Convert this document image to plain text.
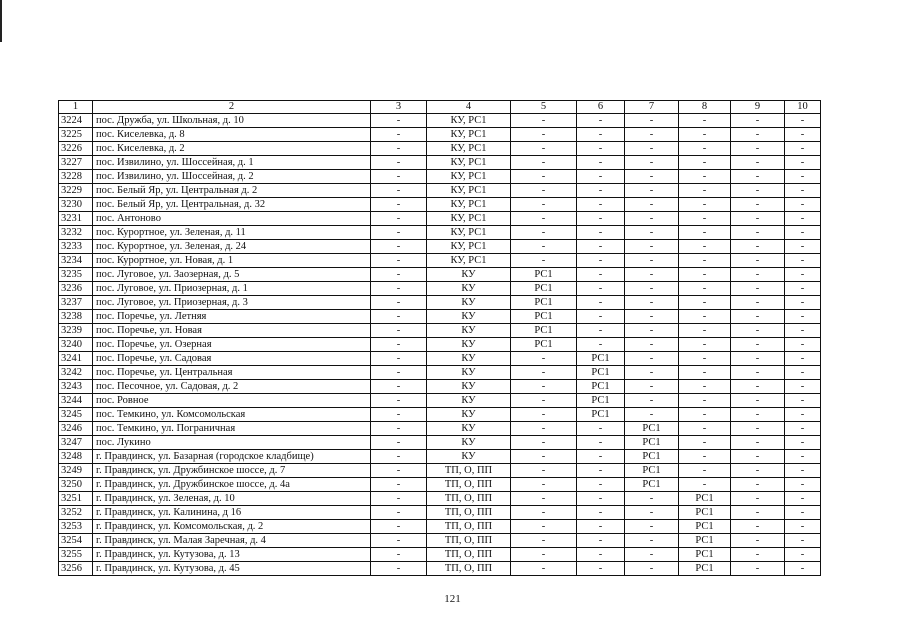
1	2	3	4	5	6	7	8	9	10
3224	пос. Дружба, ул. Школьная, д. 10	-	КУ, РС1	-	-	-	-	-	-
3225	пос. Киселевка, д. 8	-	КУ, РС1	-	-	-	-	-	-
3226	пос. Киселевка, д. 2	-	КУ, РС1	-	-	-	-	-	-
3227	пос. Извилино, ул. Шоссейная, д. 1	-	КУ, РС1	-	-	-	-	-	-
3228	пос. Извилино, ул. Шоссейная, д. 2	-	КУ, РС1	-	-	-	-	-	-
3229	пос. Белый Яр, ул. Центральная д. 2	-	КУ, РС1	-	-	-	-	-	-
3230	пос. Белый Яр, ул. Центральная, д. 32	-	КУ, РС1	-	-	-	-	-	-
3231	пос. Антоново	-	КУ, РС1	-	-	-	-	-	-
3232	пос. Курортное, ул. Зеленая, д. 11	-	КУ, РС1	-	-	-	-	-	-
3233	пос. Курортное, ул. Зеленая, д. 24	-	КУ, РС1	-	-	-	-	-	-
3234	пос. Курортное, ул. Новая, д. 1	-	КУ, РС1	-	-	-	-	-	-
3235	пос. Луговое, ул. Заозерная, д. 5	-	КУ	РС1	-	-	-	-	-
3236	пос. Луговое, ул. Приозерная, д. 1	-	КУ	РС1	-	-	-	-	-
3237	пос. Луговое, ул. Приозерная, д. 3	-	КУ	РС1	-	-	-	-	-
3238	пос. Поречье, ул. Летняя	-	КУ	РС1	-	-	-	-	-
3239	пос. Поречье, ул. Новая	-	КУ	РС1	-	-	-	-	-
3240	пос. Поречье, ул. Озерная	-	КУ	РС1	-	-	-	-	-
3241	пос. Поречье, ул. Садовая	-	КУ	-	РС1	-	-	-	-
3242	пос. Поречье, ул. Центральная	-	КУ	-	РС1	-	-	-	-
3243	пос. Песочное, ул. Садовая, д. 2	-	КУ	-	РС1	-	-	-	-
3244	пос. Ровное	-	КУ	-	РС1	-	-	-	-
3245	пос. Темкино, ул. Комсомольская	-	КУ	-	РС1	-	-	-	-
3246	пос. Темкино, ул. Пограничная	-	КУ	-	-	РС1	-	-	-
3247	пос. Лукино	-	КУ	-	-	РС1	-	-	-
3248	г. Правдинск, ул. Базарная (городское кладбище)	-	КУ	-	-	РС1	-	-	-
3249	г. Правдинск, ул. Дружбинское шоссе, д. 7	-	ТП, О, ПП	-	-	РС1	-	-	-
3250	г. Правдинск, ул. Дружбинское шоссе, д. 4а	-	ТП, О, ПП	-	-	РС1	-	-	-
3251	г. Правдинск, ул. Зеленая, д. 10	-	ТП, О, ПП	-	-	-	РС1	-	-
3252	г. Правдинск, ул. Калинина, д 16	-	ТП, О, ПП	-	-	-	РС1	-	-
3253	г. Правдинск, ул. Комсомольская, д. 2	-	ТП, О, ПП	-	-	-	РС1	-	-
3254	г. Правдинск, ул. Малая Заречная, д. 4	-	ТП, О, ПП	-	-	-	РС1	-	-
3255	г. Правдинск, ул. Кутузова, д. 13	-	ТП, О, ПП	-	-	-	РС1	-	-
3256	г. Правдинск, ул. Кутузова, д. 45	-	ТП, О, ПП	-	-	-	РС1	-	-
121
